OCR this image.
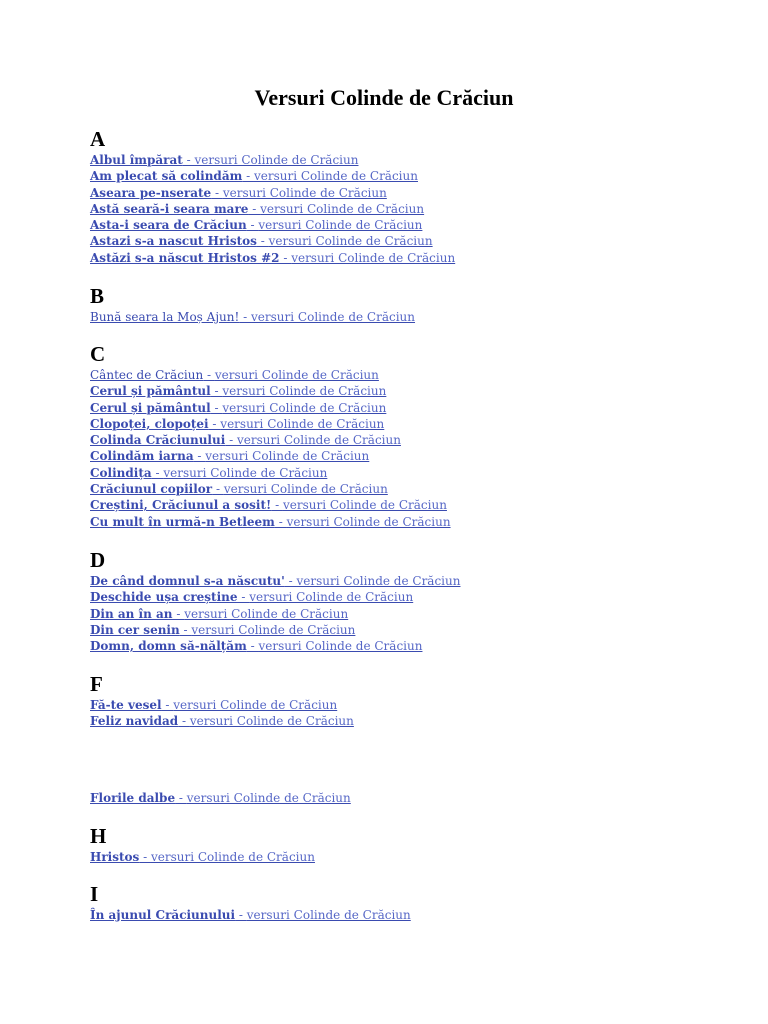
Versuri Colinde de Crăciun
A
Albul împărat - versuri Colinde de Crăciun
Am plecat să colindăm - versuri Colinde de Crăciun
Aseara pe-nserate - versuri Colinde de Crăciun
Astă seară-i seara mare - versuri Colinde de Crăciun
Asta-i seara de Crăciun - versuri Colinde de Crăciun
Astazi s-a nascut Hristos - versuri Colinde de Crăciun
Astăzi s-a născut Hristos #2 - versuri Colinde de Crăciun
B
Bună seara la Moș Ajun! - versuri Colinde de Crăciun
C
Cântec de Crăciun - versuri Colinde de Crăciun
Cerul și pământul - versuri Colinde de Crăciun
Cerul și pământul - versuri Colinde de Crăciun
Clopoței, clopoței - versuri Colinde de Crăciun
Colinda Crăciunului - versuri Colinde de Crăciun
Colindăm iarna - versuri Colinde de Crăciun
Colindița - versuri Colinde de Crăciun
Crăciunul copiilor - versuri Colinde de Crăciun
Creștini, Crăciunul a sosit! - versuri Colinde de Crăciun
Cu mult în urmă-n Betleem - versuri Colinde de Crăciun
D
De când domnul s-a născutu' - versuri Colinde de Crăciun
Deschide ușa creștine - versuri Colinde de Crăciun
Din an în an - versuri Colinde de Crăciun
Din cer senin - versuri Colinde de Crăciun
Domn, domn să-nălțăm - versuri Colinde de Crăciun
F
Fă-te vesel - versuri Colinde de Crăciun
Feliz navidad - versuri Colinde de Crăciun
Florile dalbe - versuri Colinde de Crăciun
H
Hristos - versuri Colinde de Crăciun
I
În ajunul Crăciunului - versuri Colinde de Crăciun
